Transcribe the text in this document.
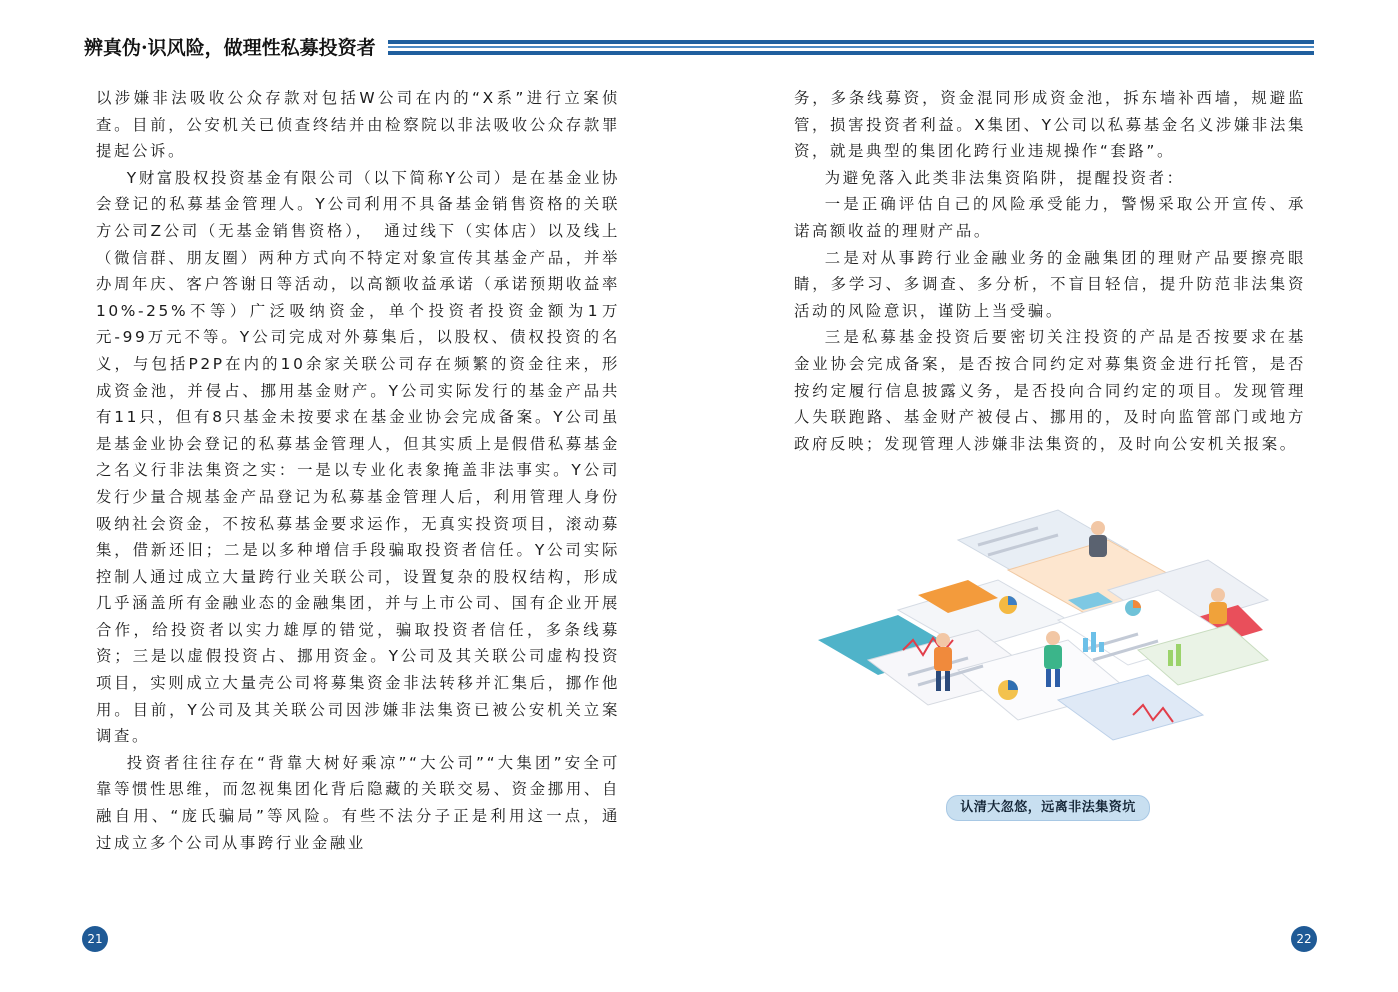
辨真伪·识风险，做理性私募投资者

以涉嫌非法吸收公众存款对包括W公司在内的“X系”进行立案侦查。目前，公安机关已侦查终结并由检察院以非法吸收公众存款罪提起公诉。

Y财富股权投资基金有限公司（以下简称Y公司）是在基金业协会登记的私募基金管理人。Y公司利用不具备基金销售资格的关联方公司Z公司（无基金销售资格），　通过线下（实体店）以及线上（微信群、朋友圈）两种方式向不特定对象宣传其基金产品，并举办周年庆、客户答谢日等活动，以高额收益承诺（承诺预期收益率10%-25%不等）广泛吸纳资金，单个投资者投资金额为1万元-99万元不等。Y公司完成对外募集后，以股权、债权投资的名义，与包括P2P在内的10余家关联公司存在频繁的资金往来，形成资金池，并侵占、挪用基金财产。Y公司实际发行的基金产品共有11只，但有8只基金未按要求在基金业协会完成备案。Y公司虽是基金业协会登记的私募基金管理人，但其实质上是假借私募基金之名义行非法集资之实：一是以专业化表象掩盖非法事实。Y公司发行少量合规基金产品登记为私募基金管理人后，利用管理人身份吸纳社会资金，不按私募基金要求运作，无真实投资项目，滚动募集，借新还旧；二是以多种增信手段骗取投资者信任。Y公司实际控制人通过成立大量跨行业关联公司，设置复杂的股权结构，形成几乎涵盖所有金融业态的金融集团，并与上市公司、国有企业开展合作，给投资者以实力雄厚的错觉，骗取投资者信任，多条线募资；三是以虚假投资占、挪用资金。Y公司及其关联公司虚构投资项目，实则成立大量壳公司将募集资金非法转移并汇集后，挪作他用。目前，Y公司及其关联公司因涉嫌非法集资已被公安机关立案调查。

投资者往往存在“背靠大树好乘凉”“大公司”“大集团”安全可靠等惯性思维，而忽视集团化背后隐藏的关联交易、资金挪用、自融自用、“庞氏骗局”等风险。有些不法分子正是利用这一点，通过成立多个公司从事跨行业金融业

务，多条线募资，资金混同形成资金池，拆东墙补西墙，规避监管，损害投资者利益。X集团、Y公司以私募基金名义涉嫌非法集资，就是典型的集团化跨行业违规操作“套路”。

为避免落入此类非法集资陷阱，提醒投资者：

一是正确评估自己的风险承受能力，警惕采取公开宣传、承诺高额收益的理财产品。

二是对从事跨行业金融业务的金融集团的理财产品要擦亮眼睛，多学习、多调查、多分析，不盲目轻信，提升防范非法集资活动的风险意识，谨防上当受骗。

三是私募基金投资后要密切关注投资的产品是否按要求在基金业协会完成备案，是否按合同约定对募集资金进行托管，是否按约定履行信息披露义务，是否投向合同约定的项目。发现管理人失联跑路、基金财产被侵占、挪用的，及时向监管部门或地方政府反映；发现管理人涉嫌非法集资的，及时向公安机关报案。

认清大忽悠，远离非法集资坑
21	22
